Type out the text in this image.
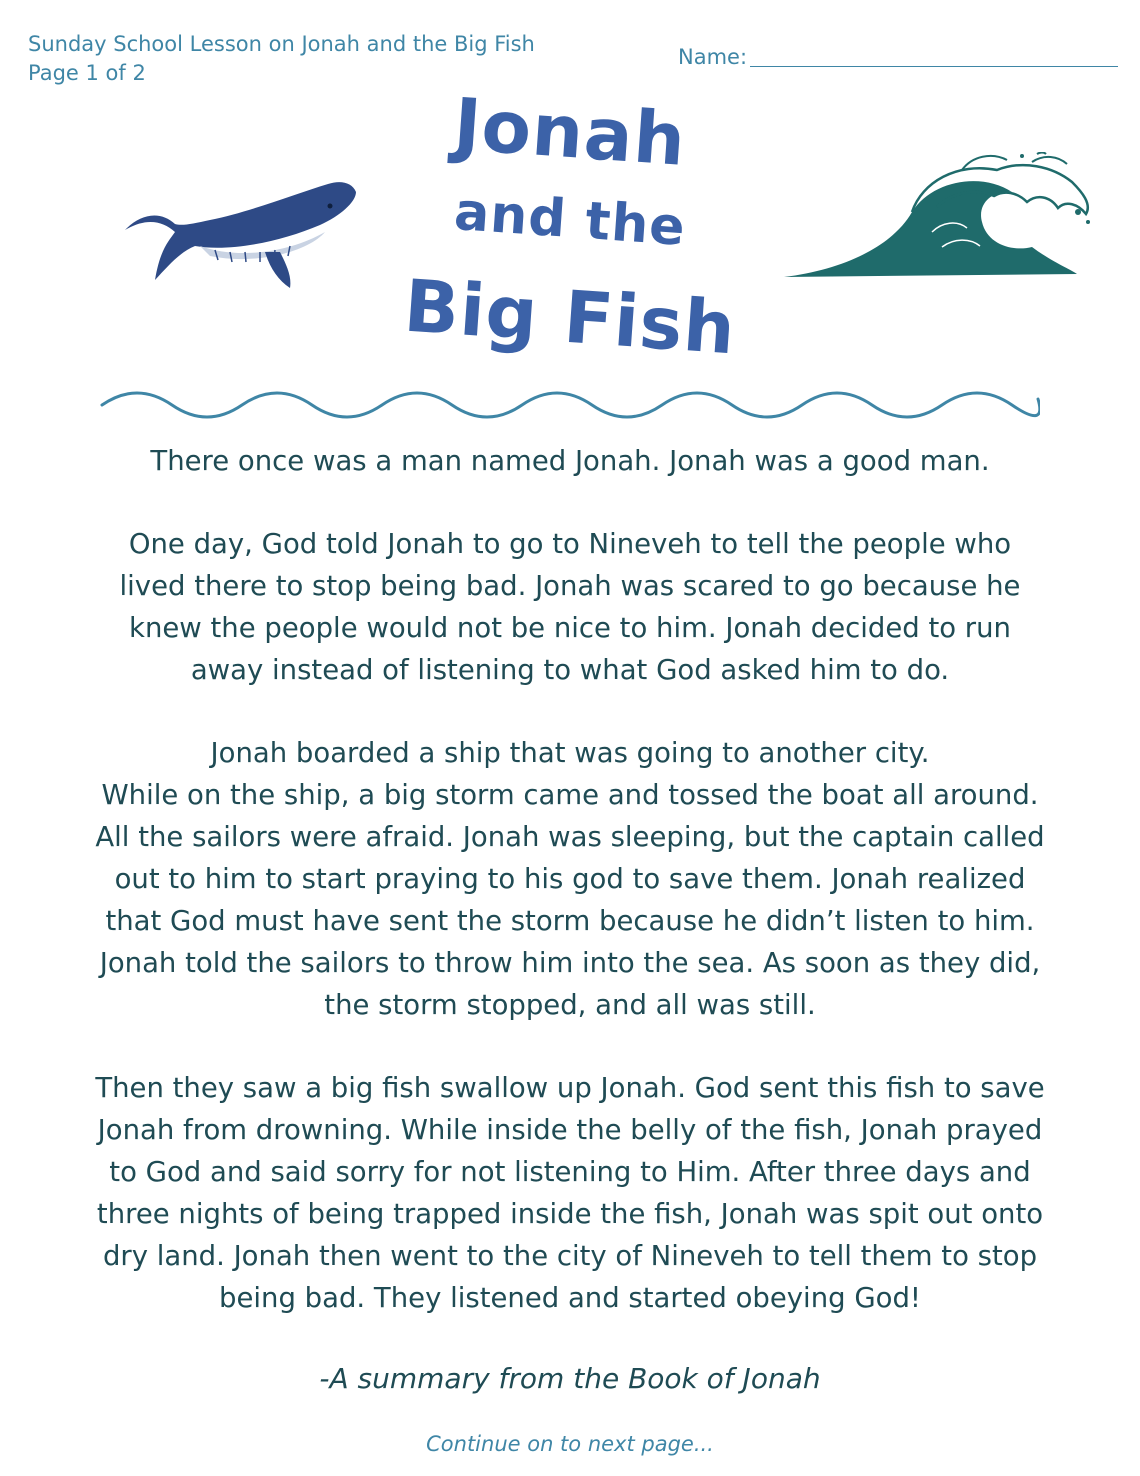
Sunday School Lesson on Jonah and the Big Fish
Page 1 of 2
Name:
Jonah
and the
Big Fish

There once was a man named Jonah. Jonah was a good man.

One day, God told Jonah to go to Nineveh to tell the people who
lived there to stop being bad. Jonah was scared to go because he
knew the people would not be nice to him. Jonah decided to run
away instead of listening to what God asked him to do.

Jonah boarded a ship that was going to another city.
While on the ship, a big storm came and tossed the boat all around.
All the sailors were afraid. Jonah was sleeping, but the captain called
out to him to start praying to his god to save them. Jonah realized
that God must have sent the storm because he didn’t listen to him.
Jonah told the sailors to throw him into the sea. As soon as they did,
the storm stopped, and all was still.

Then they saw a big fish swallow up Jonah. God sent this fish to save
Jonah from drowning. While inside the belly of the fish, Jonah prayed
to God and said sorry for not listening to Him. After three days and
three nights of being trapped inside the fish, Jonah was spit out onto
dry land. Jonah then went to the city of Nineveh to tell them to stop
being bad. They listened and started obeying God!

-A summary from the Book of Jonah
Continue on to next page...
